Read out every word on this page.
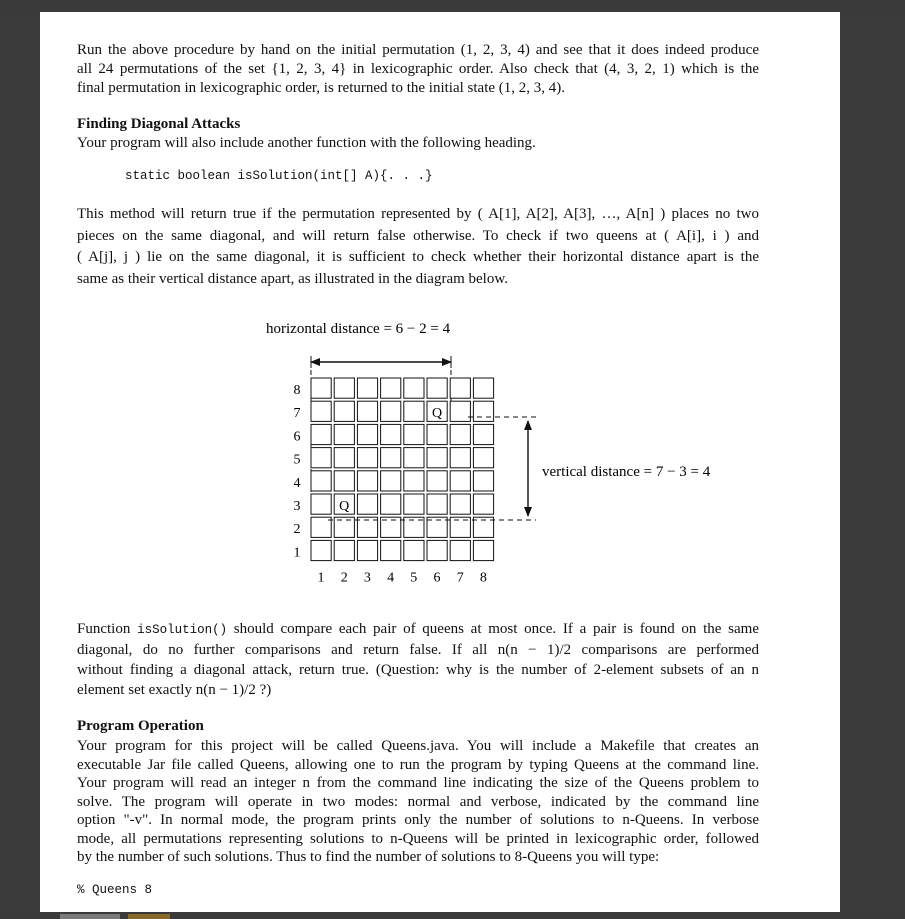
Run the above procedure by hand on the initial permutation (1, 2, 3, 4) and see that it does indeed produce
all 24 permutations of the set {1, 2, 3, 4} in lexicographic order. Also check that (4, 3, 2, 1) which is the
final permutation in lexicographic order, is returned to the initial state (1, 2, 3, 4).
Finding Diagonal Attacks
Your program will also include another function with the following heading.
static boolean isSolution(int[] A){. . .}
This method will return true if the permutation represented by ( A[1], A[2], A[3], …, A[n] ) places no two
pieces on the same diagonal, and will return false otherwise. To check if two queens at ( A[i], i ) and
( A[j], j ) lie on the same diagonal, it is sufficient to check whether their horizontal distance apart is the
same as their vertical distance apart, as illustrated in the diagram below.
horizontal distance = 6 − 2 = 4
8
7
6
5
4
3
2
1
1 2 3 4 5 6 7 8
Q
Q
vertical distance = 7 − 3 = 4
Function isSolution() should compare each pair of queens at most once. If a pair is found on the same
diagonal, do no further comparisons and return false. If all n(n − 1)/2 comparisons are performed
without finding a diagonal attack, return true. (Question: why is the number of 2-element subsets of an n
element set exactly n(n − 1)/2 ?)
Program Operation
Your program for this project will be called Queens.java. You will include a Makefile that creates an
executable Jar file called Queens, allowing one to run the program by typing Queens at the command line.
Your program will read an integer n from the command line indicating the size of the Queens problem to
solve. The program will operate in two modes: normal and verbose, indicated by the command line
option "-v". In normal mode, the program prints only the number of solutions to n-Queens. In verbose
mode, all permutations representing solutions to n-Queens will be printed in lexicographic order, followed
by the number of such solutions. Thus to find the number of solutions to 8-Queens you will type:
% Queens 8
